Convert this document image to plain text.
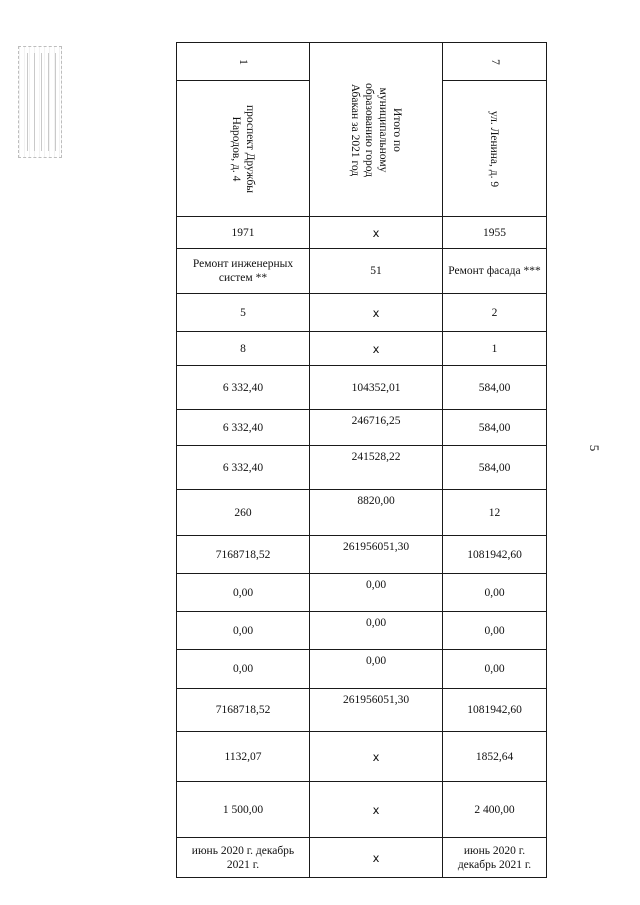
5
1	Итого по муниципальному образованию город Абакан за 2021 год	7

проспект Дружбы Народов, д. 4		ул. Ленина, д. 9

1971	x	1955
Ремонт инженерных систем **	51	Ремонт фасада ***
5	x	2
8	x	1
6 332,40	104352,01	584,00
6 332,40	246716,25	584,00
6 332,40	241528,22	584,00
260	8820,00	12
7168718,52	261956051,30	1081942,60
0,00	0,00	0,00
0,00	0,00	0,00
0,00	0,00	0,00
7168718,52	261956051,30	1081942,60
1132,07	x	1852,64
1 500,00	x	2 400,00
июнь 2020 г. декабрь 2021 г.	x	июнь 2020 г. декабрь 2021 г.
